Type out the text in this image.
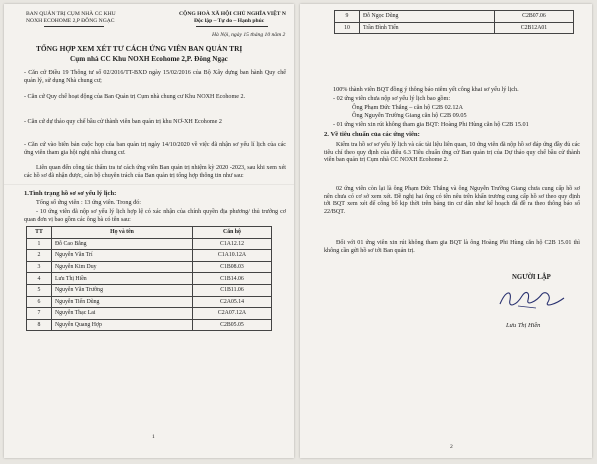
BAN QUẢN TRỊ CỤM NHÀ CC KHU
NOXH ECOHOME 2,P ĐÔNG NGẠC
CỘNG HOÀ XÃ HỘI CHỦ NGHĨA VIỆT N
Độc lập – Tự do – Hạnh phúc
Hà Nội, ngày 15 tháng 10 năm 2
TỔNG HỢP XEM XÉT TƯ CÁCH ỨNG VIÊN BAN QUẢN TRỊ
Cụm nhà CC Khu NOXH Ecohome 2,P. Đông Ngạc
- Căn cứ Điều 19 Thông tư số 02/2016/TT-BXD ngày 15/02/2016 của Bộ Xây dựng ban hành Quy chế quản lý, sử dụng Nhà chung cư;
- Căn cứ Quy chế hoạt động của Ban Quản trị Cụm nhà chung cư Khu NOXH Ecohome 2.
- Căn cứ dự thảo quy chế bầu cử thành viên ban quản trị khu NƠ-XH Ecohome 2
- Căn cứ vào biên bản cuộc họp của ban quản trị ngày 14/10/2020 về việc đã nhận sơ yếu lí lịch của các ứng viên tham gia hội nghị nhà chung cư.
Liên quan đến công tác thẩm tra tư cách ứng viên Ban quản trị nhiệm kỳ 2020 -2023, sau khi xem xét các hồ sơ đã nhận được, cán bộ chuyên trách của Ban quản trị tổng hợp thông tin như sau:
1.Tình trạng hồ sơ sơ yếu lý lịch:
Tổng số ứng viên : 13 ứng viên. Trong đó:
- 10 ứng viên đã nộp sơ yếu lý lịch hợp lệ có xác nhận của chính quyền địa phương/ thủ trưởng cơ quan đơn vị bao gồm các ông bà có tên sau:
TT	Họ và tên	Căn hộ
1	Đỗ Cao Bằng	C1A12.12
2	Nguyễn Văn Trí	C1A10.12A
3	Nguyễn Kim Duy	C1B08.03
4	Lưu Thị Hiền	C1B14.06
5	Nguyễn Văn Trường	C1B11.06
6	Nguyễn Tiến Dũng	C2A05.14
7	Nguyễn Thạc Lai	C2A07.12A
8	Nguyễn Quang Hợp	C2B05.05
1
9	Đỗ Ngọc Dũng	C2B07.06
10	Trần Đình Tiến	C2B12A01
100% thành viên BQT đồng ý thông báo niêm yết công khai sơ yếu lý lịch.
- 02 ứng viên chưa nộp sơ yếu lý lịch bao gồm:
Ông Phạm Đức Thắng – căn hộ C2B 02.12A
Ông Nguyễn Trường Giang căn hộ C2B 09.05
- 01 ứng viên xin rút không tham gia BQT: Hoàng Phi Hùng căn hộ C2B 15.01
2. Về tiêu chuẩn của các ứng viên:
Kiểm tra hồ sơ sơ yếu lý lịch và các tài liệu liên quan, 10 ứng viên đã nộp hồ sơ đáp ứng đầy đủ các tiêu chí theo quy định của điều 6.3 Tiêu chuẩn ứng cử Ban quản trị của Dự thảo quy chế bầu cử thành viên ban quản trị Cụm nhà CC NOXH Ecohome 2.
02 ứng viên còn lại là ông Phạm Đức Thắng và ông Nguyễn Trường Giang chưa cung cấp hồ sơ nên chưa có cơ sở xem xét. Đề nghị hai ông có tên nêu trên khẩn trương cung cấp hồ sơ theo quy định tới BQT xem xét để công bố kịp thời trên bảng tin cư dân như kế hoạch đã đề ra theo thông báo số 22/BQT.
Đối với 01 ứng viên xin rút không tham gia BQT là ông Hoàng Phi Hùng căn hộ C2B 15.01 thì không cần gửi hồ sơ tới Ban quản trị.
NGƯỜI LẬP
Lưu Thị Hiền
2
